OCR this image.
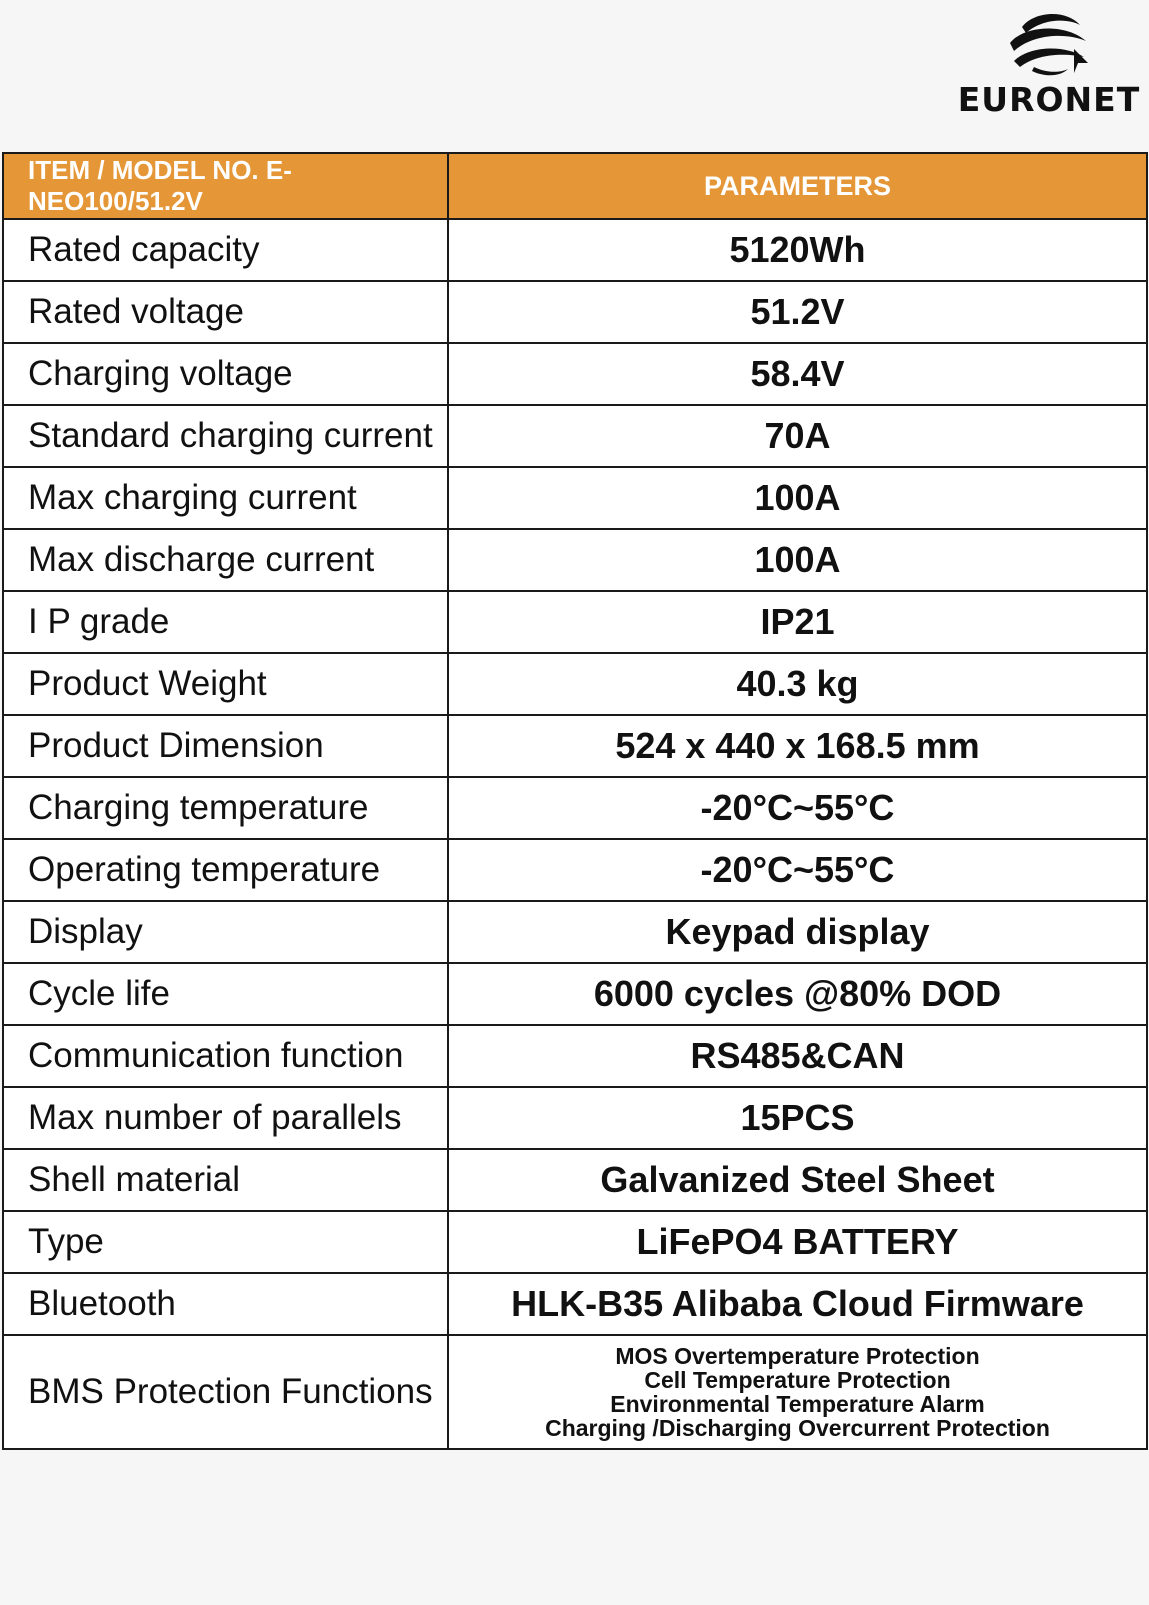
EURONET
ITEM / MODEL NO. E-NEO100/51.2V	PARAMETERS
Rated capacity	5120Wh
Rated voltage	51.2V
Charging voltage	58.4V
Standard charging current	70A
Max charging current	100A
Max discharge current	100A
I P grade	IP21
Product Weight	40.3 kg
Product Dimension	524 x 440 x 168.5 mm
Charging temperature	-20°C~55°C
Operating temperature	-20°C~55°C
Display	Keypad display
Cycle life	6000 cycles @80% DOD
Communication function	RS485&CAN
Max number of parallels	15PCS
Shell material	Galvanized Steel Sheet
Type	LiFePO4 BATTERY
Bluetooth	HLK-B35 Alibaba Cloud Firmware
BMS Protection Functions	MOS Overtemperature Protection
Cell Temperature Protection
Environmental Temperature Alarm
Charging /Discharging Overcurrent Protection
